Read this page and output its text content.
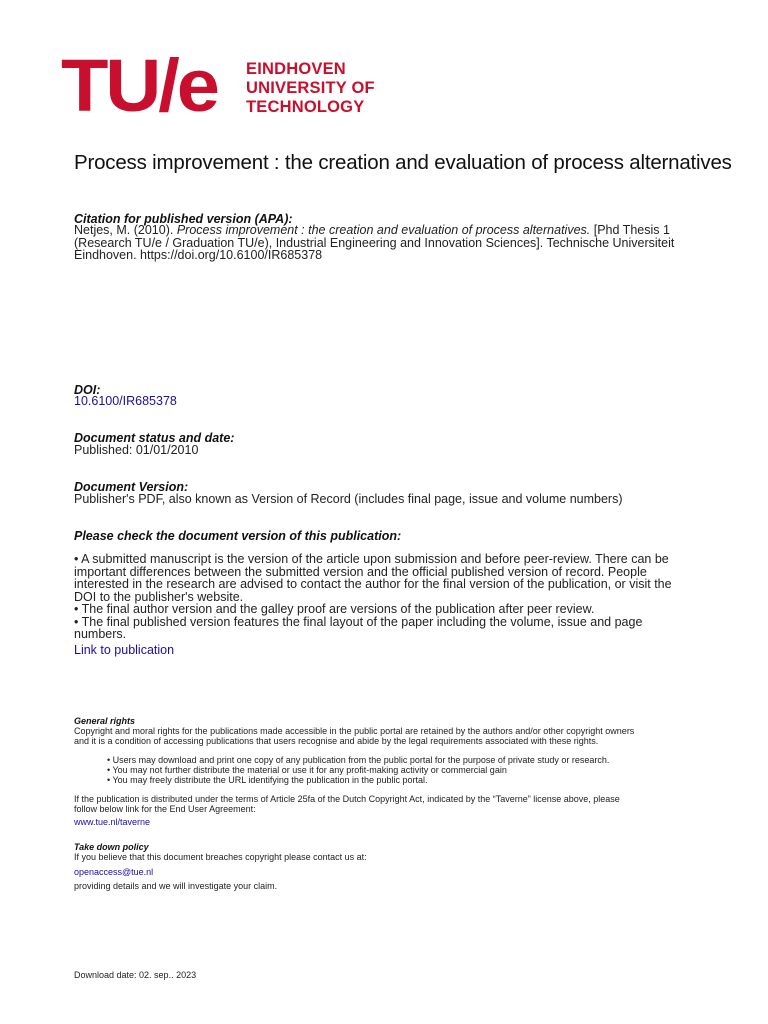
TU/e EINDHOVEN
UNIVERSITY OF
TECHNOLOGY
Process improvement : the creation and evaluation of process alternatives
Citation for published version (APA):
Netjes, M. (2010). Process improvement : the creation and evaluation of process alternatives. [Phd Thesis 1
(Research TU/e / Graduation TU/e), Industrial Engineering and Innovation Sciences]. Technische Universiteit
Eindhoven. https://doi.org/10.6100/IR685378
DOI:
10.6100/IR685378
Document status and date:
Published: 01/01/2010
Document Version:
Publisher's PDF, also known as Version of Record (includes final page, issue and volume numbers)
Please check the document version of this publication:
• A submitted manuscript is the version of the article upon submission and before peer-review. There can be
important differences between the submitted version and the official published version of record. People
interested in the research are advised to contact the author for the final version of the publication, or visit the
DOI to the publisher's website.
• The final author version and the galley proof are versions of the publication after peer review.
• The final published version features the final layout of the paper including the volume, issue and page
numbers.
Link to publication
General rights
Copyright and moral rights for the publications made accessible in the public portal are retained by the authors and/or other copyright owners
and it is a condition of accessing publications that users recognise and abide by the legal requirements associated with these rights.
• Users may download and print one copy of any publication from the public portal for the purpose of private study or research.
• You may not further distribute the material or use it for any profit-making activity or commercial gain
• You may freely distribute the URL identifying the publication in the public portal.
If the publication is distributed under the terms of Article 25fa of the Dutch Copyright Act, indicated by the “Taverne” license above, please
follow below link for the End User Agreement:
www.tue.nl/taverne
Take down policy
If you believe that this document breaches copyright please contact us at:
openaccess@tue.nl
providing details and we will investigate your claim.
Download date: 02. sep.. 2023
